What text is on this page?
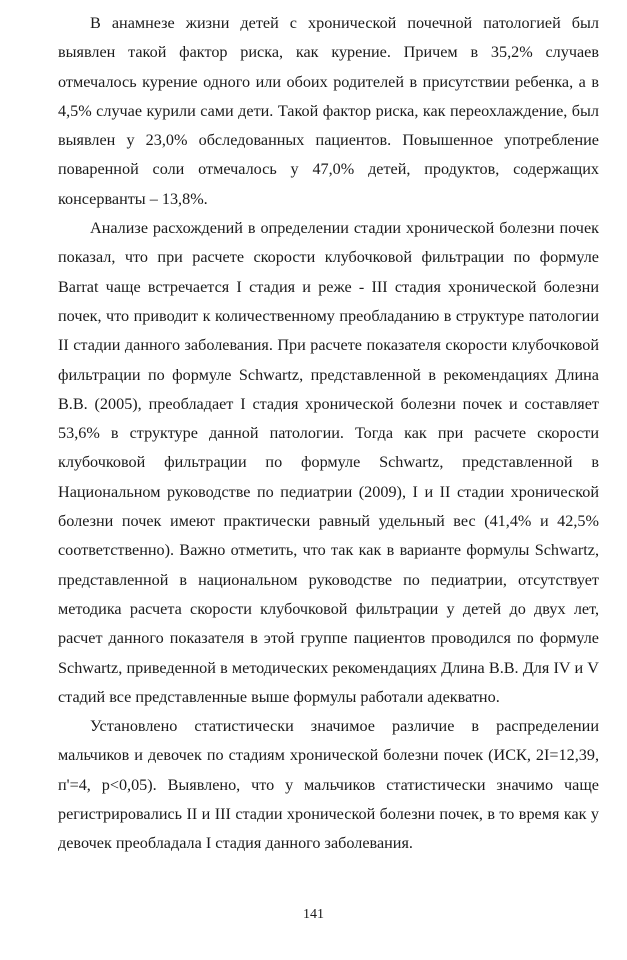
В анамнезе жизни детей с хронической почечной патологией был выявлен такой фактор риска, как курение. Причем в 35,2% случаев отмечалось курение одного или обоих родителей в присутствии ребенка, а в 4,5% случае курили сами дети. Такой фактор риска, как переохлаждение, был выявлен у 23,0% обследованных пациентов. Повышенное употребление поваренной соли отмечалось у 47,0% детей, продуктов, содержащих консерванты – 13,8%.

Анализе расхождений в определении стадии хронической болезни почек показал, что при расчете скорости клубочковой фильтрации по формуле Barrat чаще встречается I стадия и реже - III стадия хронической болезни почек, что приводит к количественному преобладанию в структуре патологии II стадии данного заболевания. При расчете показателя скорости клубочковой фильтрации по формуле Schwartz, представленной в рекомендациях Длина В.В. (2005), преобладает I стадия хронической болезни почек и составляет 53,6% в структуре данной патологии. Тогда как при расчете скорости клубочковой фильтрации по формуле Schwartz, представленной в Национальном руководстве по педиатрии (2009), I и II стадии хронической болезни почек имеют практически равный удельный вес (41,4% и 42,5% соответственно). Важно отметить, что так как в варианте формулы Schwartz, представленной в национальном руководстве по педиатрии, отсутствует методика расчета скорости клубочковой фильтрации у детей до двух лет, расчет данного показателя в этой группе пациентов проводился по формуле Schwartz, приведенной в методических рекомендациях Длина В.В. Для IV и V стадий все представленные выше формулы работали адекватно.

Установлено статистически значимое различие в распределении мальчиков и девочек по стадиям хронической болезни почек (ИСК, 2I=12,39, п'=4, p<0,05). Выявлено, что у мальчиков статистически значимо чаще регистрировались II и III стадии хронической болезни почек, в то время как у девочек преобладала I стадия данного заболевания.

141
